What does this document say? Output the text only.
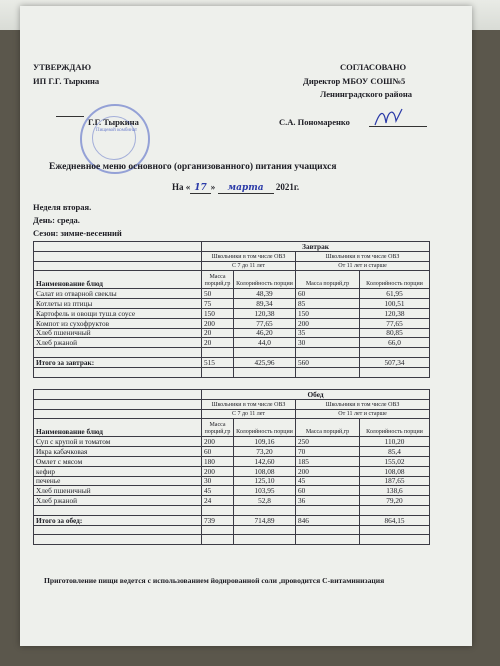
УТВЕРЖДАЮ
ИП Г.Г. Тыркина
Г.Г. Тыркина
Пищевой комбинат
СОГЛАСОВАНО
Директор МБОУ СОШ№5
Ленинградского района
С.А. Пономаренко
Ежедневное меню основного (организованного) питания учащихся
На « 17 » марта 2021г.
Неделя вторая.
День: среда.
Сезон: зимне-весенний
	Завтрак			
	Школьники в том числе ОВЗ		Школьники в том числе ОВЗ	
	С 7 до 11 лет		От 11 лет и старше	
Наименование блюд	Масса порций,гр	Колорийность порции	Масса порций,гр	Колорийность порции
Салат из отварной свеклы	50	48,39	60	61,95
Котлеты из птицы	75	89,34	85	100,51
Картофель и овощи туш.в соусе	150	120,38	150	120,38
Компот из сухофруктов	200	77,65	200	77,65
Хлеб пшеничный	20	46,20	35	80,85
Хлеб ржаной	20	44,0	30	66,0

Итого за завтрак:	515	425,96	560	507,34

	Обед			
	Школьники в том числе ОВЗ		Школьники в том числе ОВЗ	
	С 7 до 11 лет		От 11 лет и старше	
Наименование блюд	Масса порций,гр	Колорийность порции	Масса порций,гр	Колорийность порции
Суп с крупой и томатом	200	109,16	250	110,20
Икра кабачковая	60	73,20	70	85,4
Омлет с мясом	180	142,60	185	155,02
кефир	200	108,08	200	108,08
печенье	30	125,10	45	187,65
Хлеб пшеничный	45	103,95	60	138,6
Хлеб ржаной	24	52,8	36	79,20

Итого за обед:	739	714,89	846	864,15

Приготовление пищи ведется с использованием йодированной соли ,проводится С-витаминизация
